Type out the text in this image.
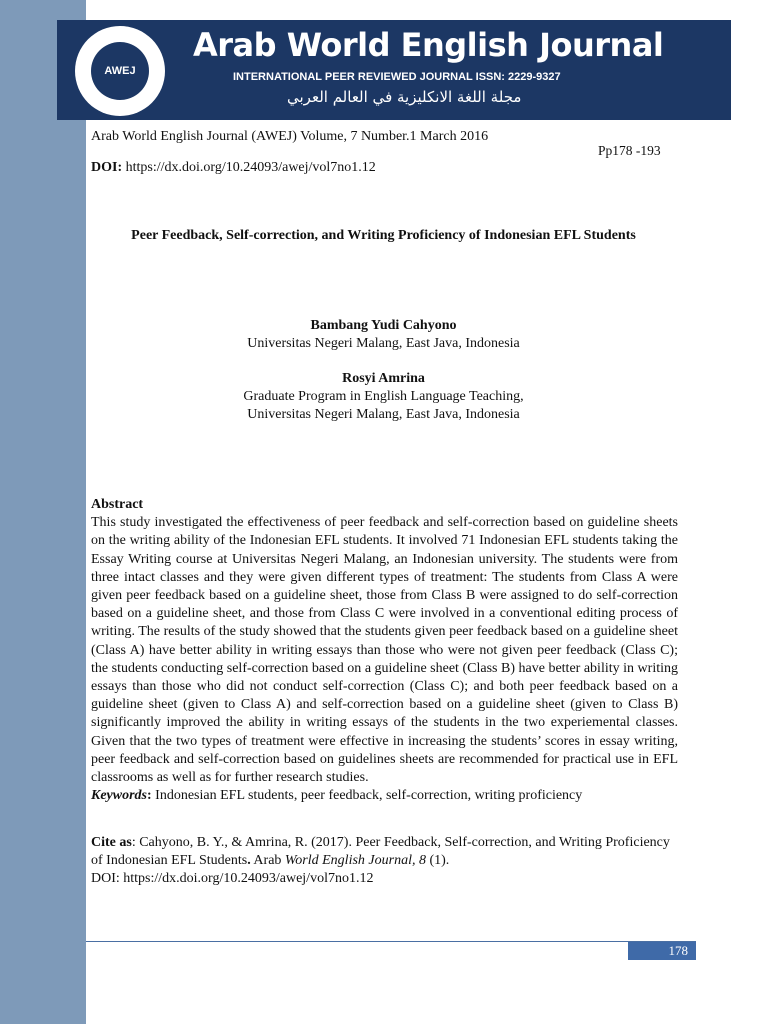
AWEJ
Arab World English Journal
INTERNATIONAL PEER REVIEWED JOURNAL ISSN: 2229-9327
مجلة اللغة الانكليزية في العالم العربي
Arab World English Journal (AWEJ) Volume, 7 Number.1 March 2016
Pp178 -193
DOI: https://dx.doi.org/10.24093/awej/vol7no1.12
Peer Feedback, Self-correction, and Writing Proficiency of Indonesian EFL Students
Bambang Yudi Cahyono
Universitas Negeri Malang, East Java, Indonesia
Rosyi Amrina
Graduate Program in English Language Teaching,
Universitas Negeri Malang, East Java, Indonesia
Abstract

This study investigated the effectiveness of peer feedback and self-correction based on guideline sheets on the writing ability of the Indonesian EFL students. It involved 71 Indonesian EFL students taking the Essay Writing course at Universitas Negeri Malang, an Indonesian university. The students were from three intact classes and they were given different types of treatment: The students from Class A were given peer feedback based on a guideline sheet, those from Class B were assigned to do self-correction based on a guideline sheet, and those from Class C were involved in a conventional editing process of writing. The results of the study showed that the students given peer feedback based on a guideline sheet (Class A) have better ability in writing essays than those who were not given peer feedback (Class C); the students conducting self-correction based on a guideline sheet (Class B) have better ability in writing essays than those who did not conduct self-correction (Class C); and both peer feedback based on a guideline sheet (given to Class A) and self-correction based on a guideline sheet (given to Class B) significantly improved the ability in writing essays of the students in the two experiemental classes. Given that the two types of treatment were effective in increasing the students’ scores in essay writing, peer feedback and self-correction based on guidelines sheets are recommended for practical use in EFL classrooms as well as for further research studies.

Keywords: Indonesian EFL students, peer feedback, self-correction, writing proficiency

Cite as: Cahyono, B. Y., & Amrina, R. (2017). Peer Feedback, Self-correction, and Writing Proficiency of Indonesian EFL Students. Arab World English Journal, 8 (1).
DOI: https://dx.doi.org/10.24093/awej/vol7no1.12
178
